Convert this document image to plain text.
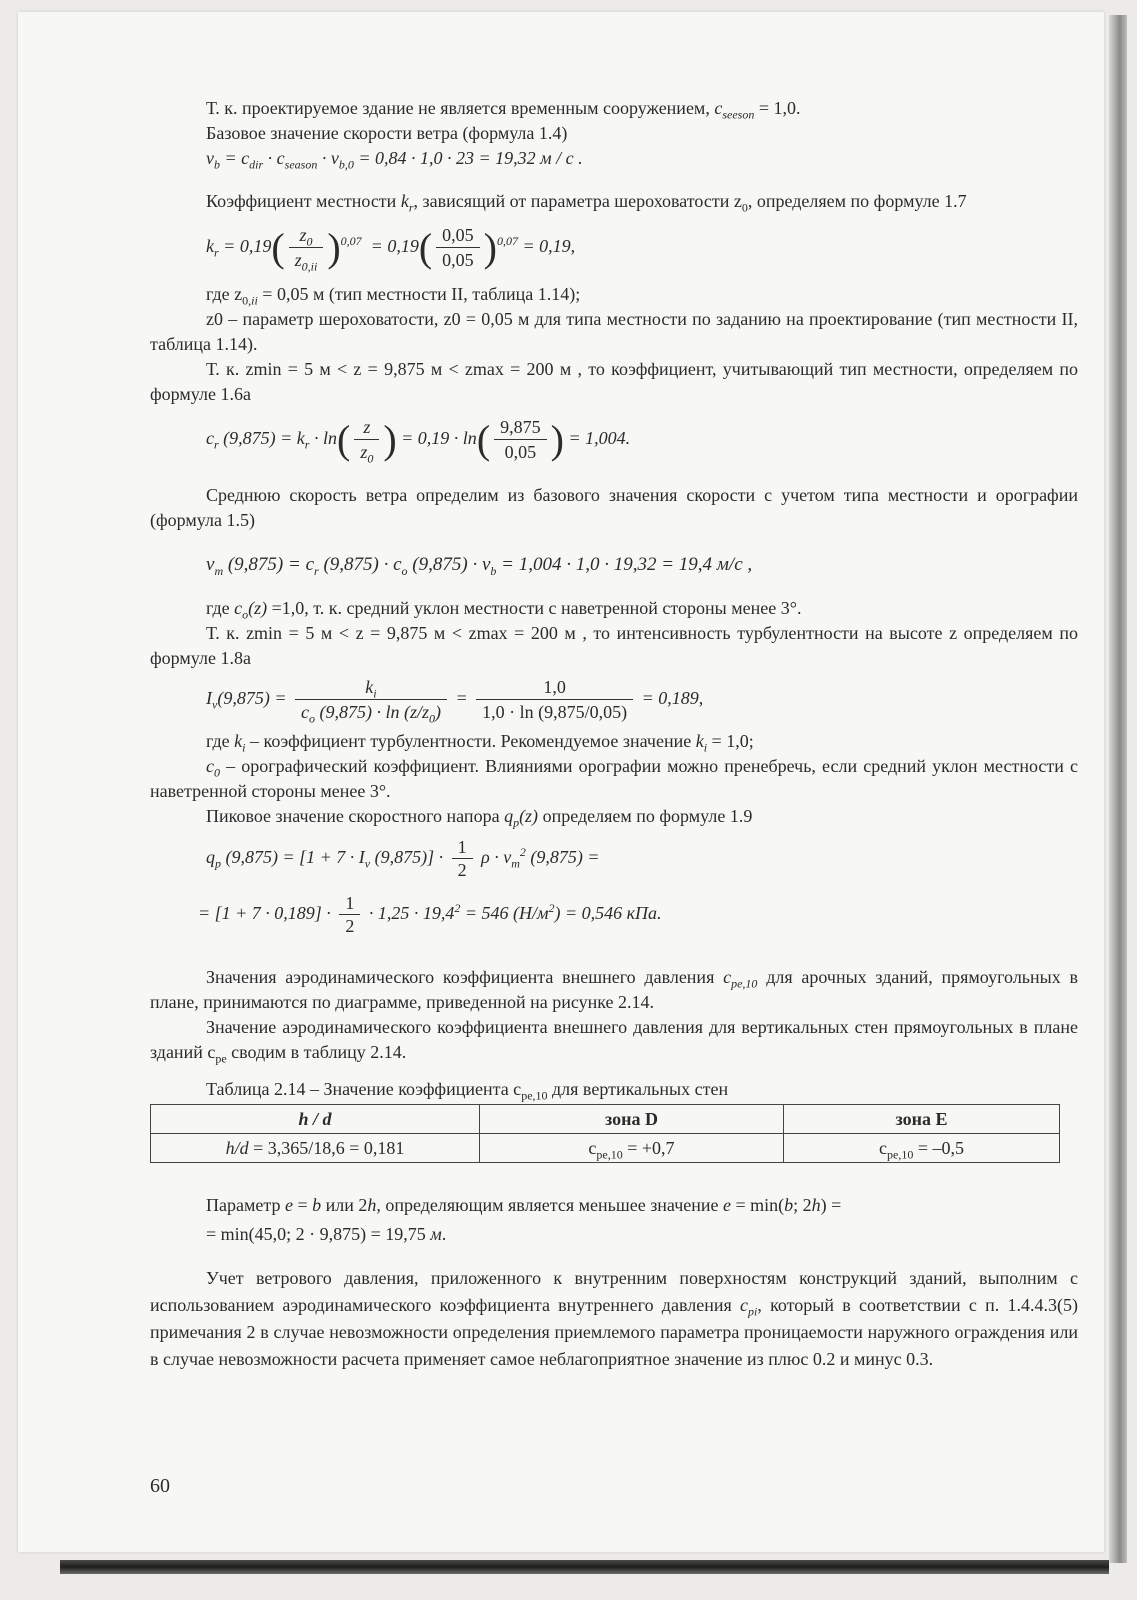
Т. к. проектируемое здание не является временным сооружением, $c_{seeson} = 1,0$.

Базовое значение скорости ветра (формула 1.4)

$v_b = c_{dir} \cdot c_{season} \cdot v_{b,0} = 0,84 \cdot 1,0 \cdot 23 = 19,32$ м / с .

Коэффициент местности $k_r$, зависящий от параметра шероховатости $z_0$, определяем по формуле 1.7

$k_r = 0,19( \frac{z_0}{z_{0,ii}} )^{0,07} = 0,19( \frac{0,05}{0,05} )^{0,07} = 0,19$,

где $z_{0,ii} = 0,05$ м (тип местности II, таблица 1.14);

z0 – параметр шероховатости, z0 = 0,05 м для типа местности по заданию на проектирование (тип местности II, таблица 1.14).

Т. к. zmin = 5 м < z = 9,875 м < zmax = 200 м , то коэффициент, учитывающий тип местности, определяем по формуле 1.6а

$c_r$ $(9,875) = k_r \cdot \ln( \frac{z}{z_0}$ ) = $0,19 \cdot \ln( \frac{9,875}{0,05}$ ) = 1,004.

Среднюю скорость ветра определим из базового значения скорости с учетом типа местности и орографии (формула 1.5)

$v_m$ $(9,875) = c_r$ $(9,875) \cdot c_o$ $(9,875) \cdot v_b = 1,004 \cdot 1,0 \cdot 19,32 = 19,4$ м/с ,

где $c_o(z) =1,0$, т. к. средний уклон местности с наветренной стороны менее 3°.

Т. к. zmin = 5 м < z = 9,875 м < zmax = 200 м , то интенсивность турбулентности на высоте z определяем по формуле 1.8а

$I_v(9,875) = \frac{k_i}{c_o (9,875) \cdot \ln (z/z_0)} = \frac{1,0}{1,0 \cdot \ln (9,875/0,05)} = 0,189$,

где $k_i$ – коэффициент турбулентности. Рекомендуемое значение $k_i = 1,0$;

$c_0$ – орографический коэффициент. Влияниями орографии можно пренебречь, если средний уклон местности с наветренной стороны менее 3°.

Пиковое значение скоростного напора $q_p(z)$ определяем по формуле 1.9

$q_p$ $(9,875) = [1 + 7 \cdot I_v$ $(9,875)] \cdot \frac{1}{2}$ $\rho \cdot v_m^2$ (9,875) =
= $[1 + 7 \cdot 0,189] \cdot \frac{1}{2} \cdot 1,25 \cdot 19,4^2 = 546$ $(Н/м^2) = 0,546$ кПа.

Значения аэродинамического коэффициента внешнего давления $c_{pe,10}$ для арочных зданий, прямоугольных в плане, принимаются по диаграмме, приведенной на рисунке 2.14.

Значение аэродинамического коэффициента внешнего давления для вертикальных стен прямоугольных в плане зданий $c_{pe}$ сводим в таблицу 2.14.

Таблица 2.14 – Значение коэффициента $c_{pe,10}$ для вертикальных стен

h / d	зона D	зона E
h/d = 3,365/18,6 = 0,181	$c_{pe,10} = +0,7$	$c_{pe,10} = -0,5$

Параметр e = b или 2h, определяющим является меньшее значение e = min(b; 2h) =

= min(45,0; 2 · 9,875) = 19,75 м.

Учет ветрового давления, приложенного к внутренним поверхностям конструкций зданий, выполним с использованием аэродинамического коэффициента внутреннего давления $c_{pi}$, который в соответствии с п. 1.4.4.3(5) примечания 2 в случае невозможности определения приемлемого параметра проницаемости наружного ограждения или в случае невозможности расчета применяет самое неблагоприятное значение из плюс 0.2 и минус 0.3.

60
